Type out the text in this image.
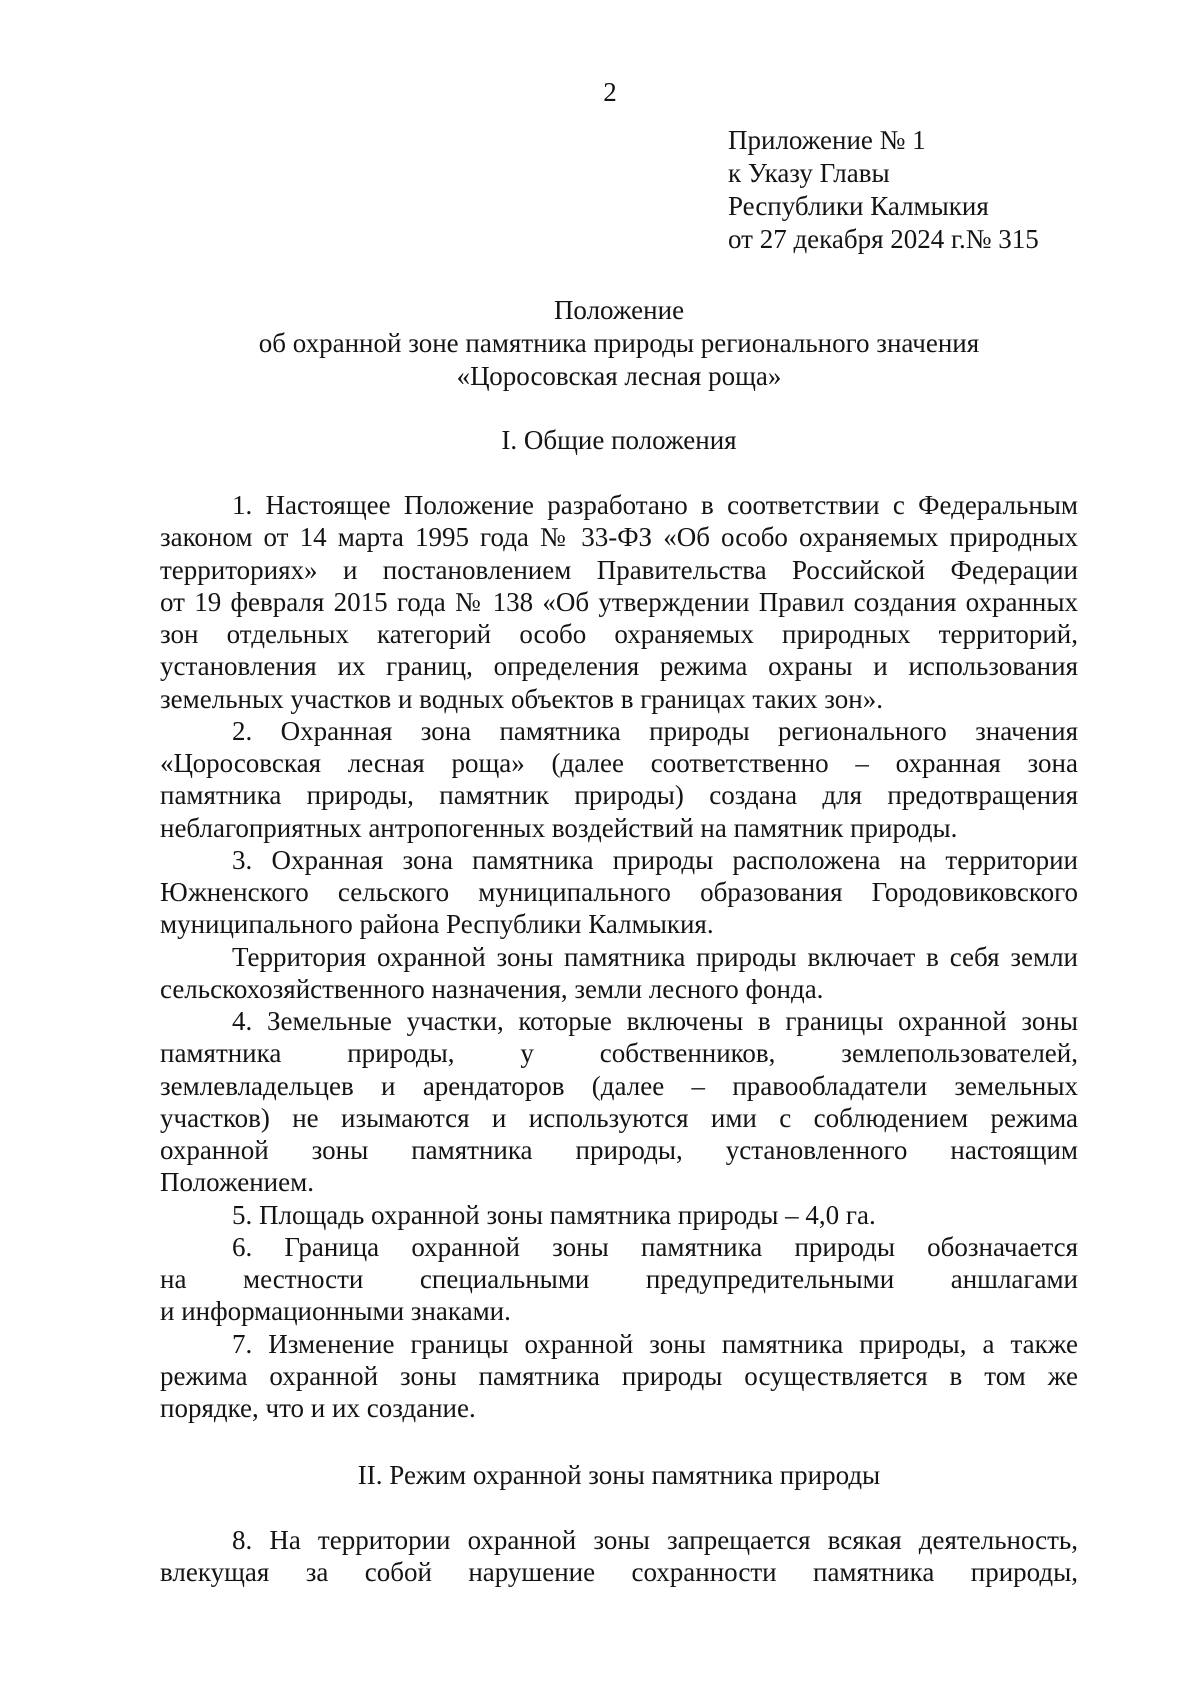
2
Приложение № 1
к Указу Главы
Республики Калмыкия
от 27 декабря 2024 г.№ 315
Положение
об охранной зоне памятника природы регионального значения
«Цоросовская лесная роща»
I. Общие положения
1. Настоящее Положение разработано в соответствии с Федеральным
законом от 14 марта 1995 года № 33-ФЗ «Об особо охраняемых природных
территориях» и постановлением Правительства Российской Федерации
от 19 февраля 2015 года № 138 «Об утверждении Правил создания охранных
зон отдельных категорий особо охраняемых природных территорий,
установления их границ, определения режима охраны и использования
земельных участков и водных объектов в границах таких зон».
2. Охранная зона памятника природы регионального значения
«Цоросовская лесная роща» (далее соответственно – охранная зона
памятника природы, памятник природы) создана для предотвращения
неблагоприятных антропогенных воздействий на памятник природы.
3. Охранная зона памятника природы расположена на территории
Южненского сельского муниципального образования Городовиковского
муниципального района Республики Калмыкия.
Территория охранной зоны памятника природы включает в себя земли
сельскохозяйственного назначения, земли лесного фонда.
4. Земельные участки, которые включены в границы охранной зоны
памятника природы, у собственников, землепользователей,
землевладельцев и арендаторов (далее – правообладатели земельных
участков) не изымаются и используются ими с соблюдением режима
охранной зоны памятника природы, установленного настоящим
Положением.
5. Площадь охранной зоны памятника природы – 4,0 га.
6. Граница охранной зоны памятника природы обозначается
на местности специальными предупредительными аншлагами
и информационными знаками.
7. Изменение границы охранной зоны памятника природы, а также
режима охранной зоны памятника природы осуществляется в том же
порядке, что и их создание.
II. Режим охранной зоны памятника природы
8. На территории охранной зоны запрещается всякая деятельность,
влекущая за собой нарушение сохранности памятника природы,
